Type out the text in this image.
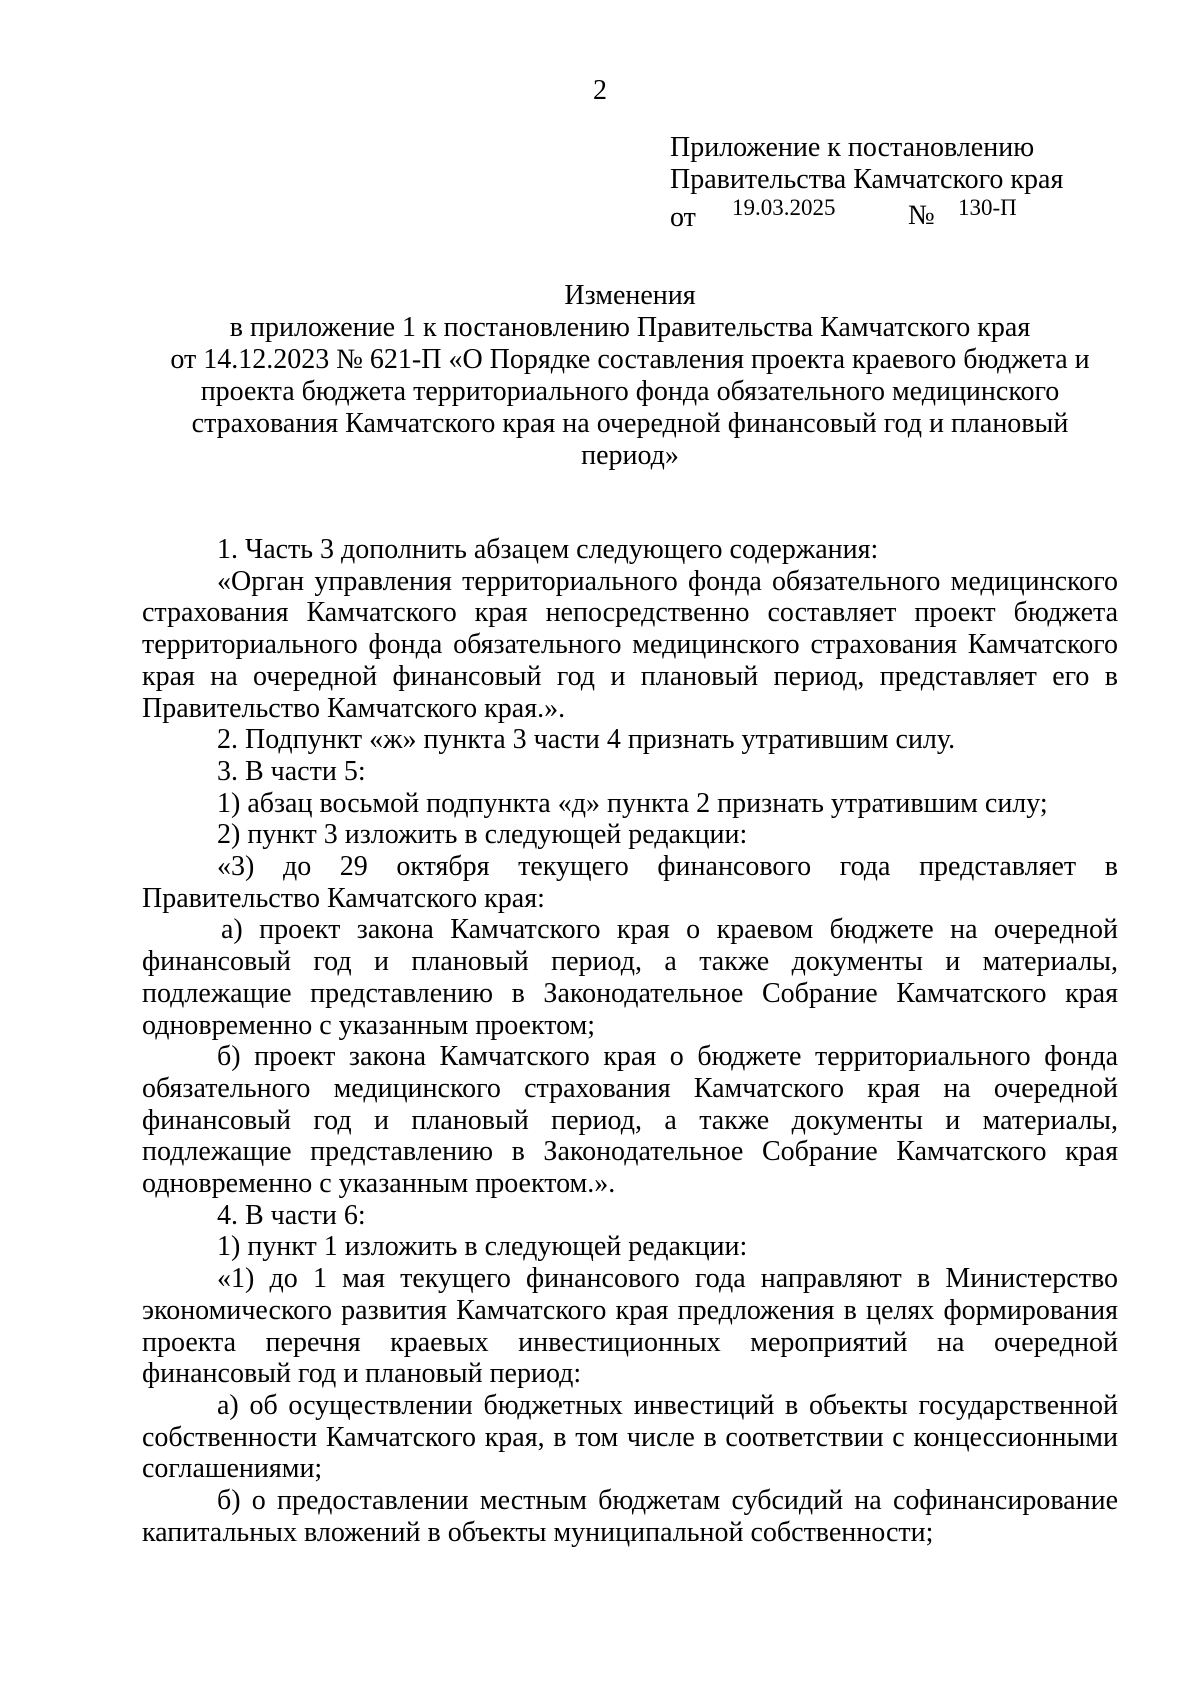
2
Приложение к постановлению
Правительства Камчатского края
от 19.03.2025	№ 130-П
Изменения
в приложение 1 к постановлению Правительства Камчатского края
от 14.12.2023 № 621-П «О Порядке составления проекта краевого бюджета и
проекта бюджета территориального фонда обязательного медицинского
страхования Камчатского края на очередной финансовый год и плановый
период»

1. Часть 3 дополнить абзацем следующего содержания:

«Орган управления территориального фонда обязательного медицинского страхования Камчатского края непосредственно составляет проект бюджета территориального фонда обязательного медицинского страхования Камчатского края на очередной финансовый год и плановый период, представляет его в Правительство Камчатского края.».

2. Подпункт «ж» пункта 3 части 4 признать утратившим силу.

3. В части 5:

1) абзац восьмой подпункта «д» пункта 2 признать утратившим силу;

2) пункт 3 изложить в следующей редакции:

«3) до 29 октября текущего финансового года представляет в Правительство Камчатского края:

а) проект закона Камчатского края о краевом бюджете на очередной финансовый год и плановый период, а также документы и материалы, подлежащие представлению в Законодательное Собрание Камчатского края одновременно с указанным проектом;

б) проект закона Камчатского края о бюджете территориального фонда обязательного медицинского страхования Камчатского края на очередной финансовый год и плановый период, а также документы и материалы, подлежащие представлению в Законодательное Собрание Камчатского края одновременно с указанным проектом.».

4. В части 6:

1) пункт 1 изложить в следующей редакции:

«1) до 1 мая текущего финансового года направляют в Министерство экономического развития Камчатского края предложения в целях формирования проекта перечня краевых инвестиционных мероприятий на очередной финансовый год и плановый период:

а) об осуществлении бюджетных инвестиций в объекты государственной собственности Камчатского края, в том числе в соответствии с концессионными соглашениями;

б) о предоставлении местным бюджетам субсидий на софинансирование капитальных вложений в объекты муниципальной собственности;
